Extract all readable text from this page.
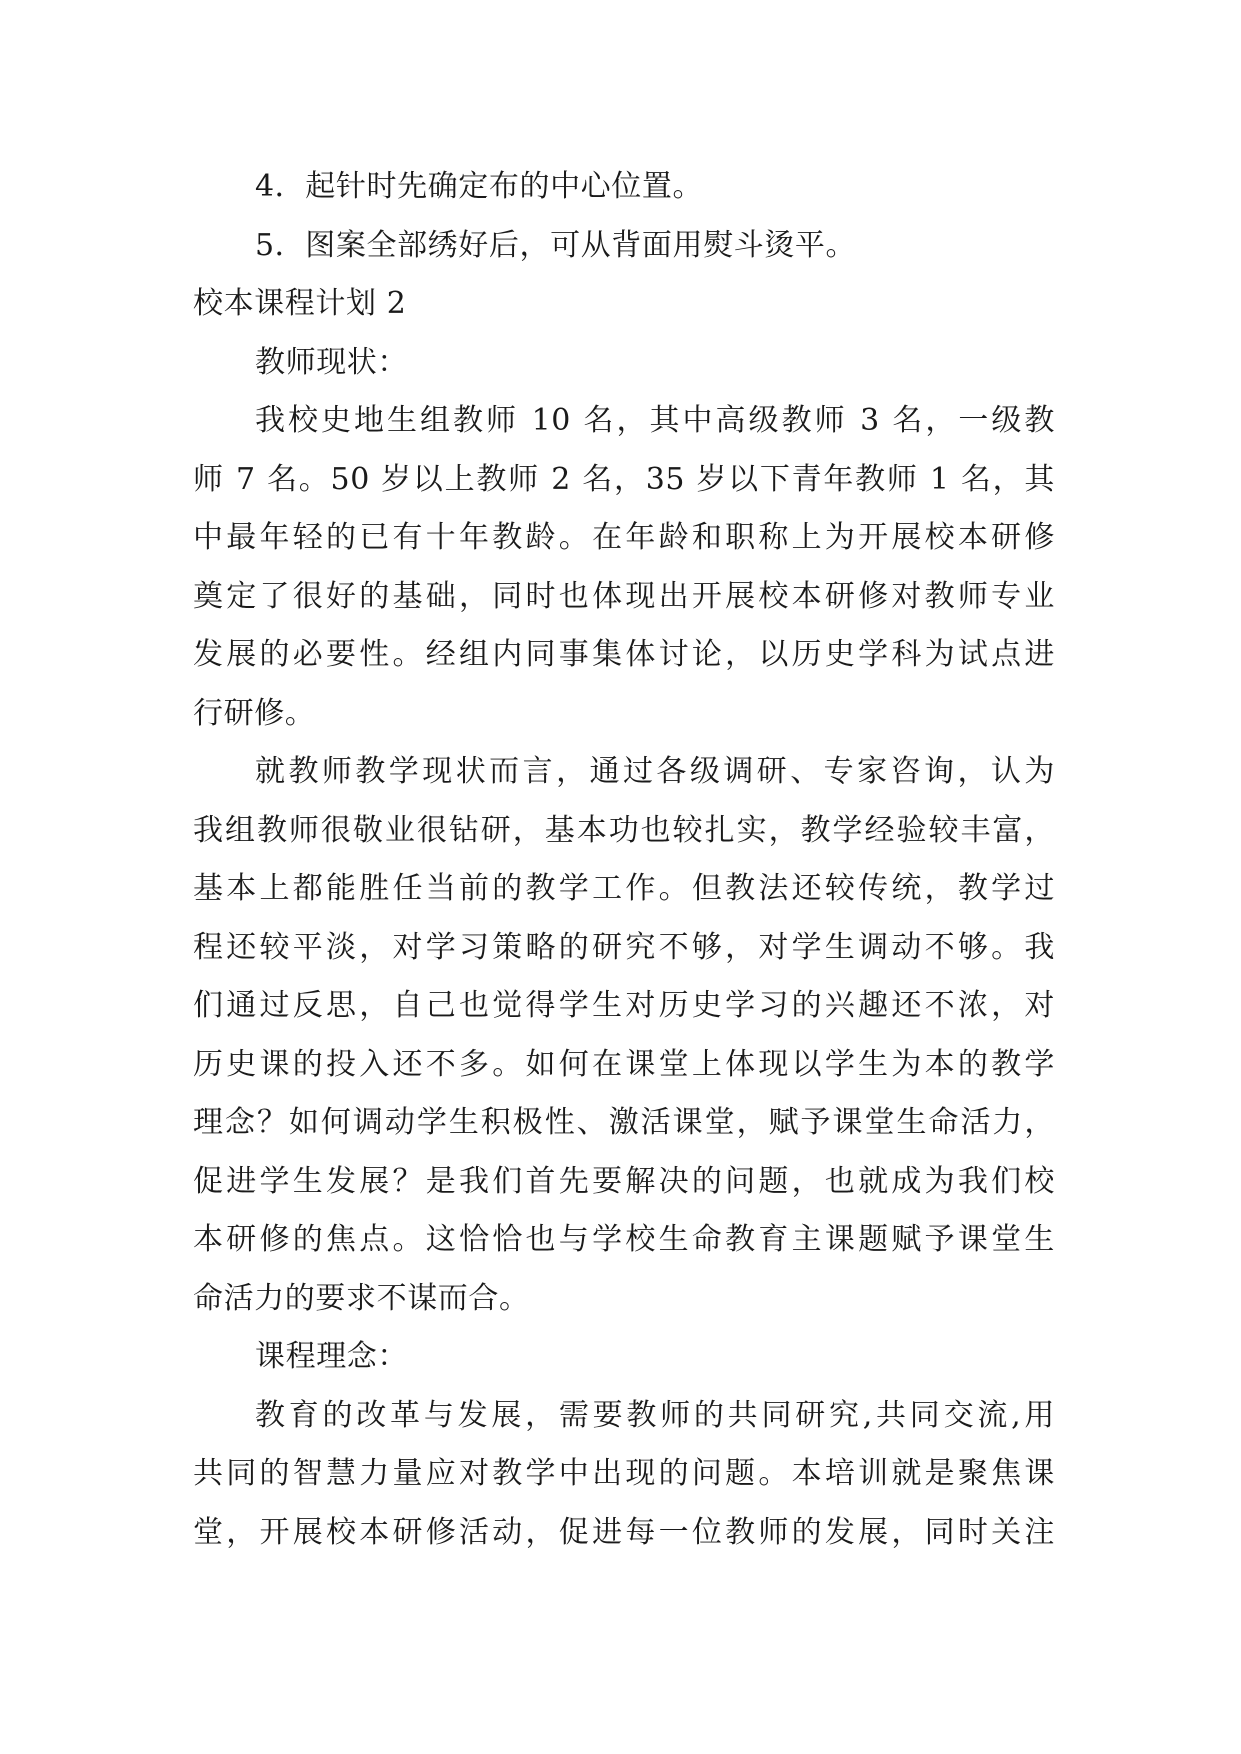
4．起针时先确定布的中心位置。
5．图案全部绣好后，可从背面用熨斗烫平。
校本课程计划 2
教师现状：
我校史地生组教师 10 名，其中高级教师 3 名，一级教
师 7 名。50 岁以上教师 2 名，35 岁以下青年教师 1 名，其
中最年轻的已有十年教龄。在年龄和职称上为开展校本研修
奠定了很好的基础，同时也体现出开展校本研修对教师专业
发展的必要性。经组内同事集体讨论，以历史学科为试点进
行研修。
就教师教学现状而言，通过各级调研、专家咨询，认为
我组教师很敬业很钻研，基本功也较扎实，教学经验较丰富，
基本上都能胜任当前的教学工作。但教法还较传统，教学过
程还较平淡，对学习策略的研究不够，对学生调动不够。我
们通过反思，自己也觉得学生对历史学习的兴趣还不浓，对
历史课的投入还不多。如何在课堂上体现以学生为本的教学
理念？如何调动学生积极性、激活课堂，赋予课堂生命活力，
促进学生发展？是我们首先要解决的问题，也就成为我们校
本研修的焦点。这恰恰也与学校生命教育主课题赋予课堂生
命活力的要求不谋而合。
课程理念：
教育的改革与发展，需要教师的共同研究,共同交流,用
共同的智慧力量应对教学中出现的问题。本培训就是聚焦课
堂，开展校本研修活动，促进每一位教师的发展，同时关注
